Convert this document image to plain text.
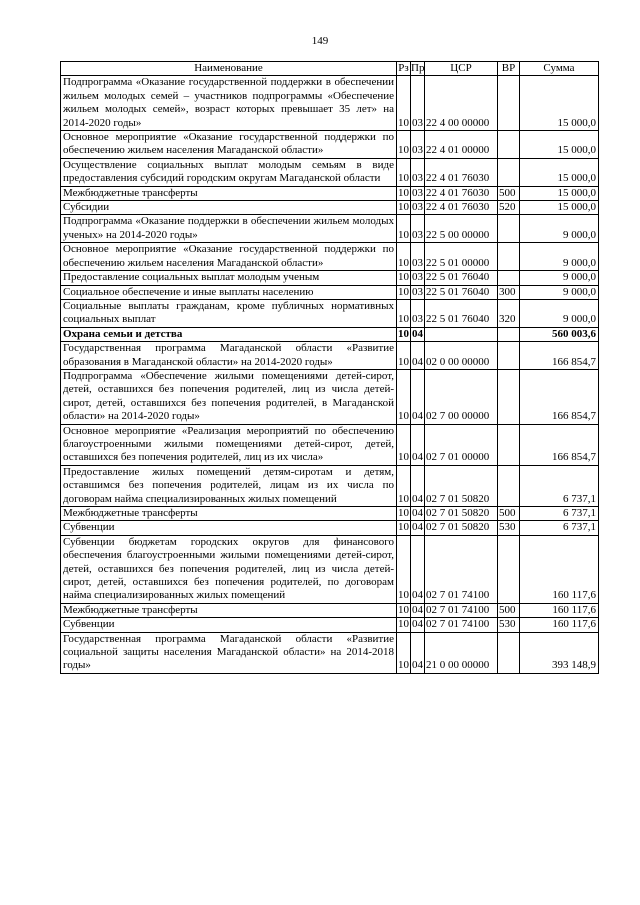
149
Наименование	Рз	Пр	ЦСР	ВР	Сумма
Подпрограмма «Оказание государственной поддержки в обеспечении жильем молодых семей – участников подпрограммы «Обеспечение жильем молодых семей», возраст которых превышает 35 лет» на 2014-2020 годы»	10	03	22 4 00 00000		15 000,0
Основное мероприятие «Оказание государственной поддержки по обеспечению жильем населения Магаданской области»	10	03	22 4 01 00000		15 000,0
Осуществление социальных выплат молодым семьям в виде предоставления субсидий городским округам Магаданской области	10	03	22 4 01 76030		15 000,0
Межбюджетные трансферты	10	03	22 4 01 76030	500	15 000,0
Субсидии	10	03	22 4 01 76030	520	15 000,0
Подпрограмма «Оказание поддержки в обеспечении жильем молодых ученых» на 2014-2020 годы»	10	03	22 5 00 00000		9 000,0
Основное мероприятие «Оказание государственной поддержки по обеспечению жильем населения Магаданской области»	10	03	22 5 01 00000		9 000,0
Предоставление социальных выплат молодым ученым	10	03	22 5 01 76040		9 000,0
Социальное обеспечение и иные выплаты населению	10	03	22 5 01 76040	300	9 000,0
Социальные выплаты гражданам, кроме публичных нормативных социальных выплат	10	03	22 5 01 76040	320	9 000,0
Охрана семьи и детства	10	04			560 003,6
Государственная программа Магаданской области «Развитие образования в Магаданской области» на 2014-2020 годы»	10	04	02 0 00 00000		166 854,7
Подпрограмма «Обеспечение жилыми помещениями детей-сирот, детей, оставшихся без попечения родителей, лиц из числа детей-сирот, детей, оставшихся без попечения родителей, в Магаданской области» на 2014-2020 годы»	10	04	02 7 00 00000		166 854,7
Основное мероприятие «Реализация мероприятий по обеспечению благоустроенными жилыми помещениями детей-сирот, детей, оставшихся без попечения родителей, лиц из их числа»	10	04	02 7 01 00000		166 854,7
Предоставление жилых помещений детям-сиротам и детям, оставшимся без попечения родителей, лицам из их числа по договорам найма специализированных жилых помещений	10	04	02 7 01 50820		6 737,1
Межбюджетные трансферты	10	04	02 7 01 50820	500	6 737,1
Субвенции	10	04	02 7 01 50820	530	6 737,1
Субвенции бюджетам городских округов для финансового обеспечения благоустроенными жилыми помещениями детей-сирот, детей, оставшихся без попечения родителей, лиц из числа детей-сирот, детей, оставшихся без попечения родителей, по договорам найма специализированных жилых помещений	10	04	02 7 01 74100		160 117,6
Межбюджетные трансферты	10	04	02 7 01 74100	500	160 117,6
Субвенции	10	04	02 7 01 74100	530	160 117,6
Государственная программа Магаданской области «Развитие социальной защиты населения Магаданской области» на 2014-2018 годы»	10	04	21 0 00 00000		393 148,9
